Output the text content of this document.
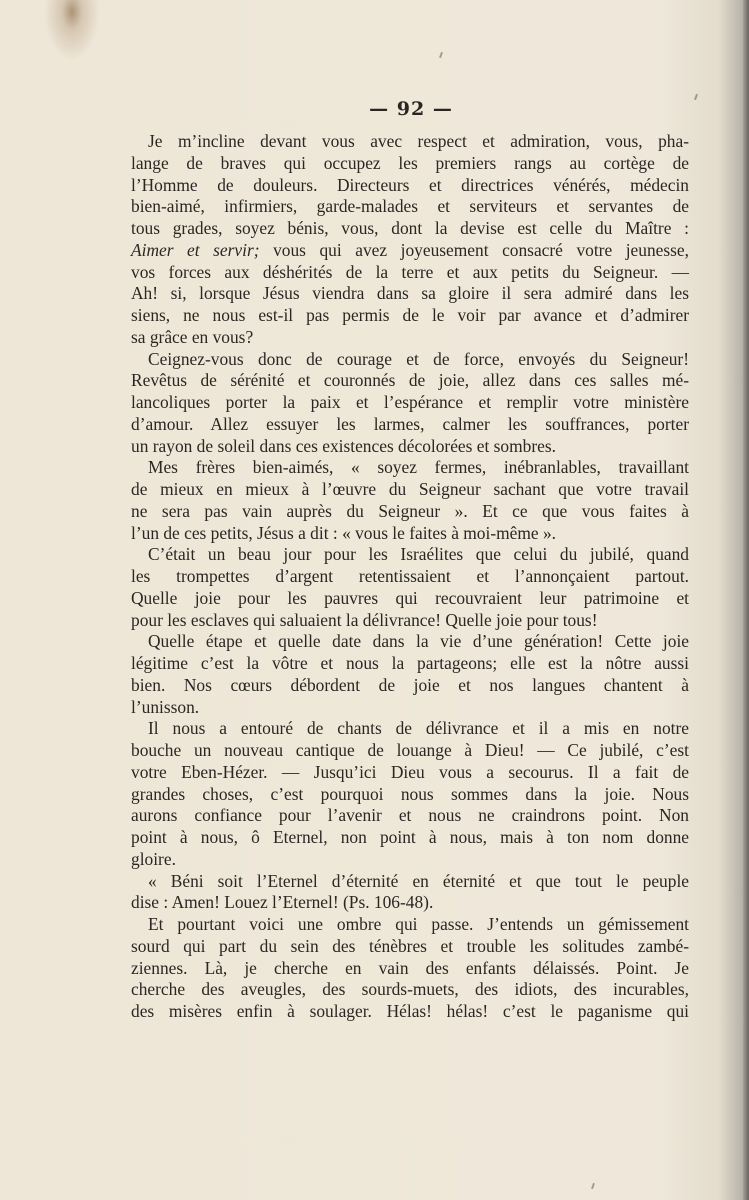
— 92 —
Je m’incline devant vous avec respect et admiration, vous, pha-
lange de braves qui occupez les premiers rangs au cortège de
l’Homme de douleurs. Directeurs et directrices vénérés, médecin
bien-aimé, infirmiers, garde-malades et serviteurs et servantes de
tous grades, soyez bénis, vous, dont la devise est celle du Maître :
Aimer et servir; vous qui avez joyeusement consacré votre jeunesse,
vos forces aux déshérités de la terre et aux petits du Seigneur. —
Ah! si, lorsque Jésus viendra dans sa gloire il sera admiré dans les
siens, ne nous est-il pas permis de le voir par avance et d’admirer
sa grâce en vous?
Ceignez-vous donc de courage et de force, envoyés du Seigneur!
Revêtus de sérénité et couronnés de joie, allez dans ces salles mé-
lancoliques porter la paix et l’espérance et remplir votre ministère
d’amour. Allez essuyer les larmes, calmer les souffrances, porter
un rayon de soleil dans ces existences décolorées et sombres.
Mes frères bien-aimés, « soyez fermes, inébranlables, travaillant
de mieux en mieux à l’œuvre du Seigneur sachant que votre travail
ne sera pas vain auprès du Seigneur ». Et ce que vous faites à
l’un de ces petits, Jésus a dit : « vous le faites à moi-même ».
C’était un beau jour pour les Israélites que celui du jubilé, quand
les trompettes d’argent retentissaient et l’annonçaient partout.
Quelle joie pour les pauvres qui recouvraient leur patrimoine et
pour les esclaves qui saluaient la délivrance! Quelle joie pour tous!
Quelle étape et quelle date dans la vie d’une génération! Cette joie
légitime c’est la vôtre et nous la partageons; elle est la nôtre aussi
bien. Nos cœurs débordent de joie et nos langues chantent à
l’unisson.
Il nous a entouré de chants de délivrance et il a mis en notre
bouche un nouveau cantique de louange à Dieu! — Ce jubilé, c’est
votre Eben-Hézer. — Jusqu’ici Dieu vous a secourus. Il a fait de
grandes choses, c’est pourquoi nous sommes dans la joie. Nous
aurons confiance pour l’avenir et nous ne craindrons point. Non
point à nous, ô Eternel, non point à nous, mais à ton nom donne
gloire.
« Béni soit l’Eternel d’éternité en éternité et que tout le peuple
dise : Amen! Louez l’Eternel! (Ps. 106-48).
Et pourtant voici une ombre qui passe. J’entends un gémissement
sourd qui part du sein des ténèbres et trouble les solitudes zambé-
ziennes. Là, je cherche en vain des enfants délaissés. Point. Je
cherche des aveugles, des sourds-muets, des idiots, des incurables,
des misères enfin à soulager. Hélas! hélas! c’est le paganisme qui
